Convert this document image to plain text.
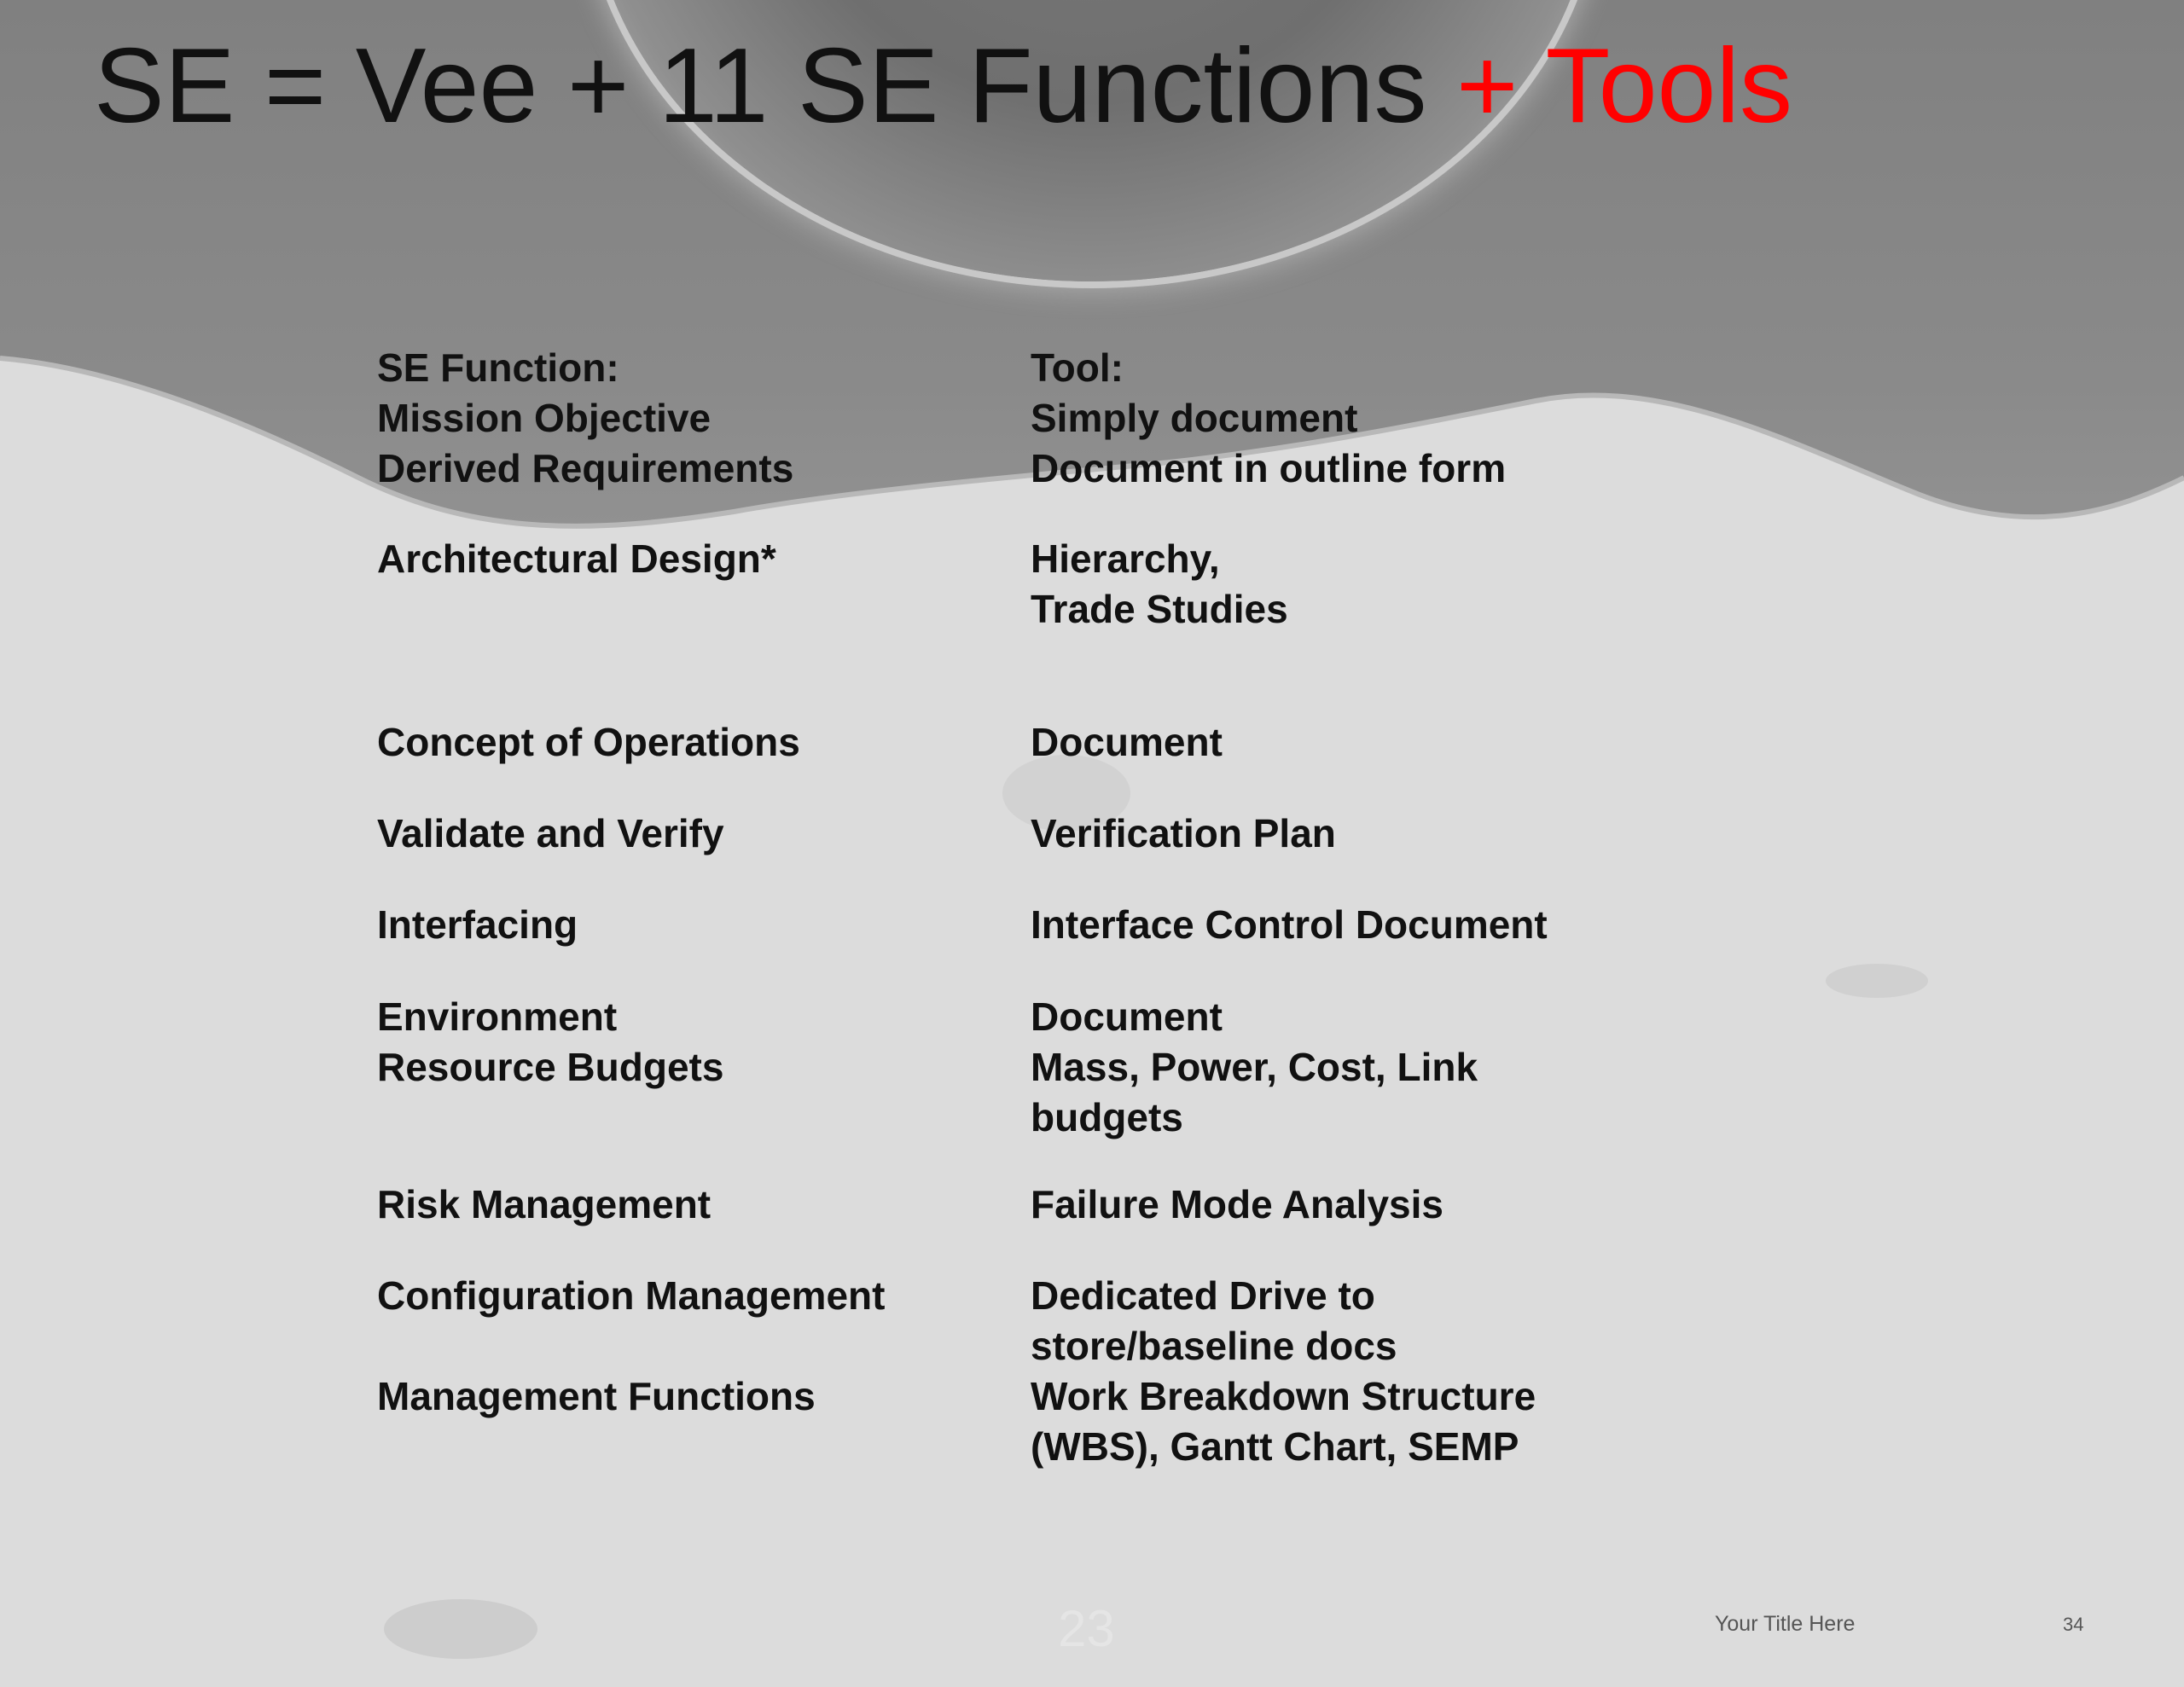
SE = Vee + 11 SE Functions + Tools
SE Function:
Mission Objective
Derived Requirements
Architectural Design*
Concept of Operations
Validate and Verify
Interfacing
Environment
Resource Budgets
Risk Management
Configuration Management
Management Functions
Tool:
Simply document
Document in outline form
Hierarchy,
Trade Studies
Document
Verification Plan
Interface Control Document
Document
Mass, Power, Cost, Link
budgets
Failure Mode Analysis
Dedicated Drive to
store/baseline docs
Work Breakdown Structure
(WBS), Gantt Chart, SEMP
23	Your Title Here	34
